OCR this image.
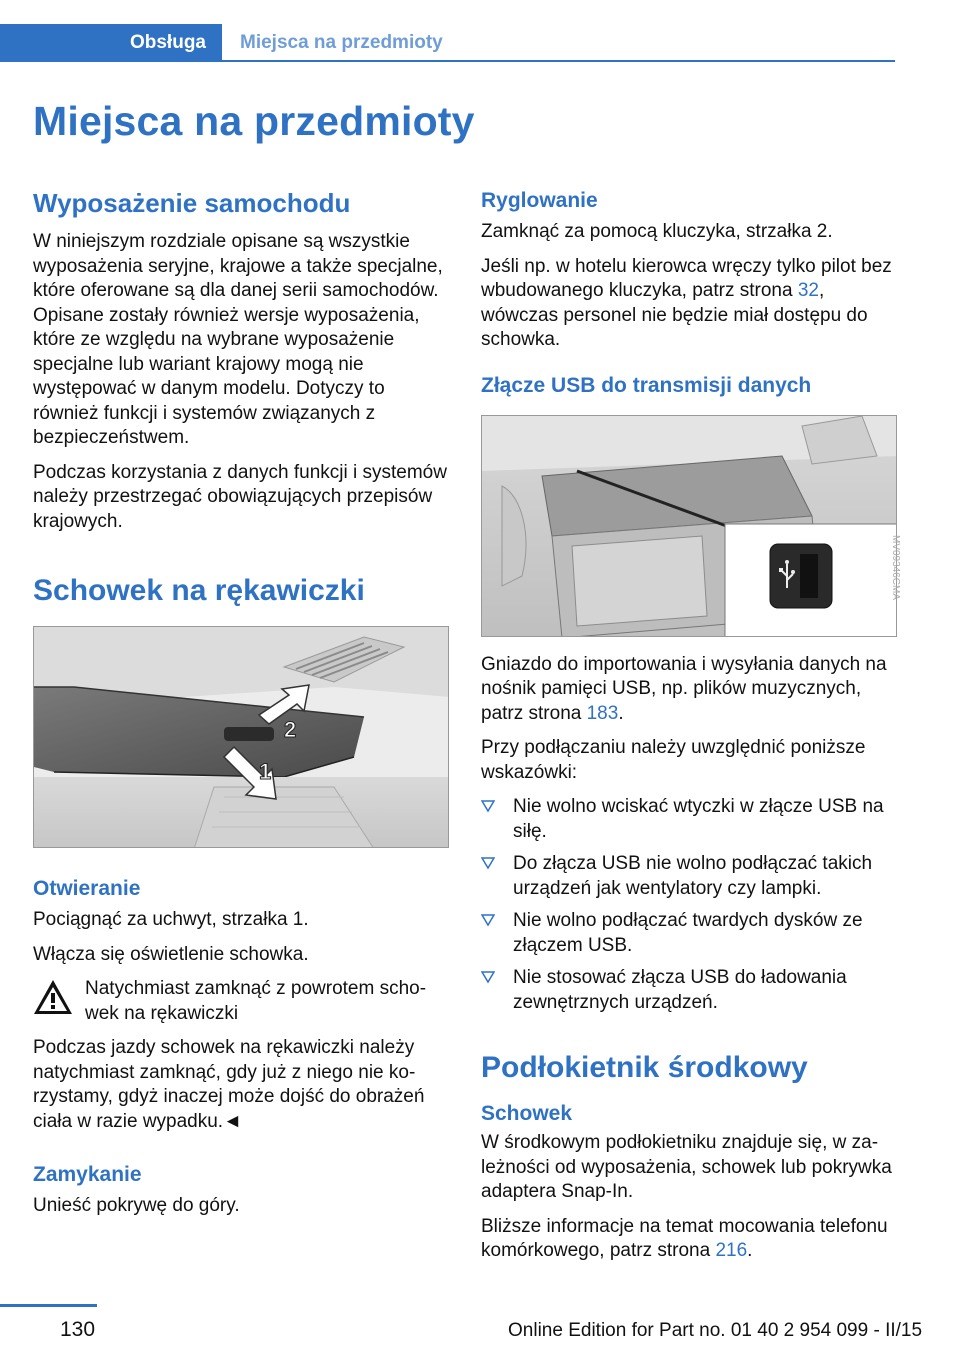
Obsługa	Miejsca na przedmioty
Miejsca na przedmioty
Wyposażenie samochodu

W niniejszym rozdziale opisane są wszystkie wyposażenia seryjne, krajowe a także specjalne, które oferowane są dla danej serii samochodów. Opisane zostały również wersje wyposażenia, które ze względu na wybrane wyposażenie specjalne lub wariant krajowy mogą nie występować w danym modelu. Dotyczy to również funkcji i systemów związanych z bezpieczeństwem.

Podczas korzystania z danych funkcji i systemów należy przestrzegać obowiązujących przepisów krajowych.

Schowek na rękawiczki
2
1
Otwieranie

Pociągnąć za uchwyt, strzałka 1.

Włącza się oświetlenie schowka.

Natychmiast zamknąć z powrotem schowek na rękawiczki

Podczas jazdy schowek na rękawiczki należy natychmiast zamknąć, gdy już z niego nie korzystamy, gdyż inaczej może dojść do obrażeń ciała w razie wypadku.◄

Zamykanie

Unieść pokrywę do góry.

Ryglowanie

Zamknąć za pomocą kluczyka, strzałka 2.

Jeśli np. w hotelu kierowca wręczy tylko pilot bez wbudowanego kluczyka, patrz strona 32, wówczas personel nie będzie miał dostępu do schowka.

Złącze USB do transmisji danych
MV09346CMA

Gniazdo do importowania i wysyłania danych na nośnik pamięci USB, np. plików muzycznych, patrz strona 183.

Przy podłączaniu należy uwzględnić poniższe wskazówki:

Nie wolno wciskać wtyczki w złącze USB na siłę.

Do złącza USB nie wolno podłączać takich urządzeń jak wentylatory czy lampki.

Nie wolno podłączać twardych dysków ze złączem USB.

Nie stosować złącza USB do ładowania zewnętrznych urządzeń.

Podłokietnik środkowy
Schowek

W środkowym podłokietniku znajduje się, w zależności od wyposażenia, schowek lub pokrywka adaptera Snap-In.

Bliższe informacje na temat mocowania telefonu komórkowego, patrz strona 216.

130	Online Edition for Part no. 01 40 2 954 099 - II/15
